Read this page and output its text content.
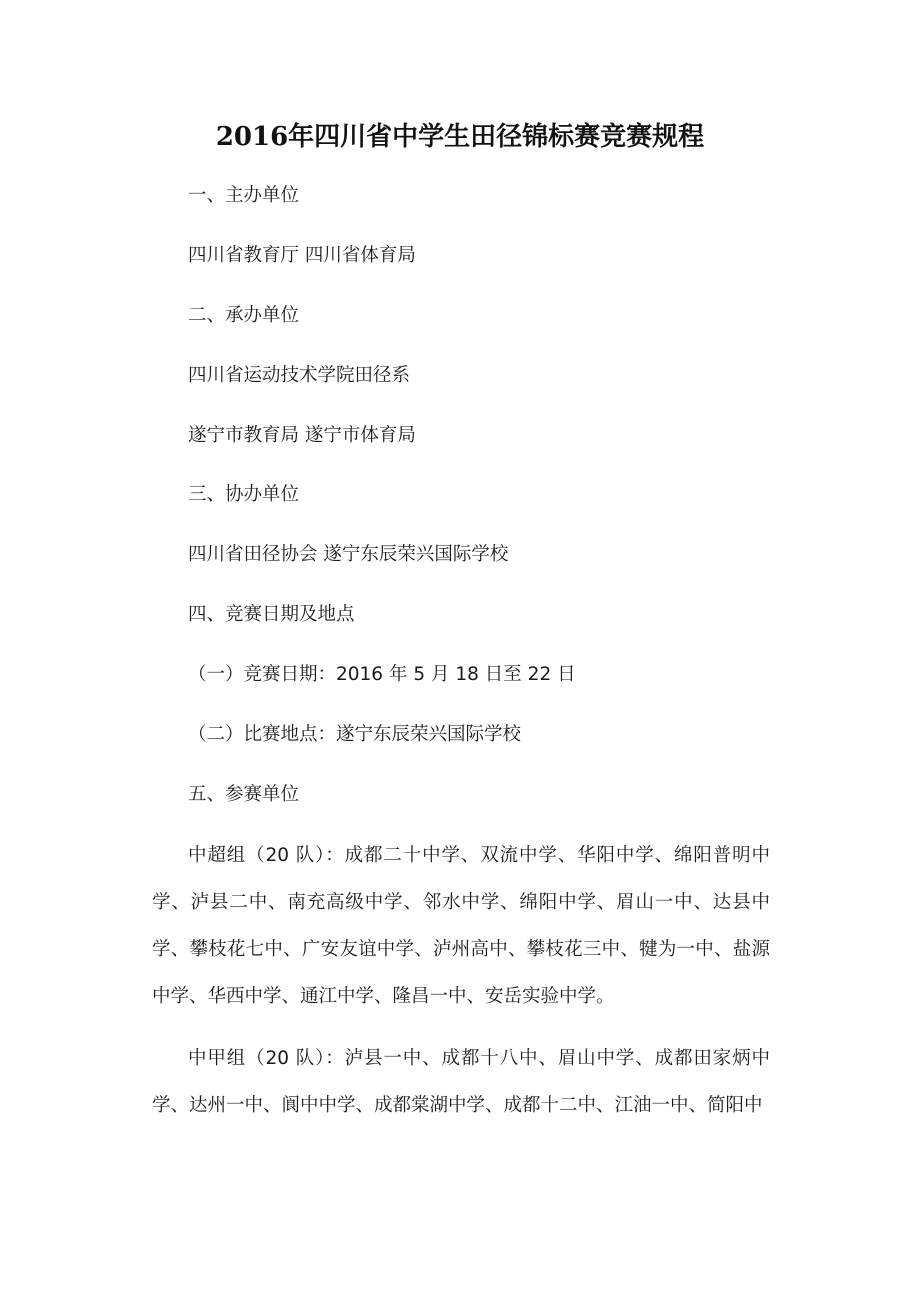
2016年四川省中学生田径锦标赛竞赛规程
一、主办单位
四川省教育厅 四川省体育局
二、承办单位
四川省运动技术学院田径系
遂宁市教育局 遂宁市体育局
三、协办单位
四川省田径协会 遂宁东辰荣兴国际学校
四、竞赛日期及地点
（一）竞赛日期：2016 年 5 月 18 日至 22 日
（二）比赛地点：遂宁东辰荣兴国际学校
五、参赛单位
中超组（20 队）：成都二十中学、双流中学、华阳中学、绵阳普明中学、泸县二中、南充高级中学、邻水中学、绵阳中学、眉山一中、达县中学、攀枝花七中、广安友谊中学、泸州高中、攀枝花三中、犍为一中、盐源中学、华西中学、通江中学、隆昌一中、安岳实验中学。
中甲组（20 队）：泸县一中、成都十八中、眉山中学、成都田家炳中学、达州一中、阆中中学、成都棠湖中学、成都十二中、江油一中、简阳中
